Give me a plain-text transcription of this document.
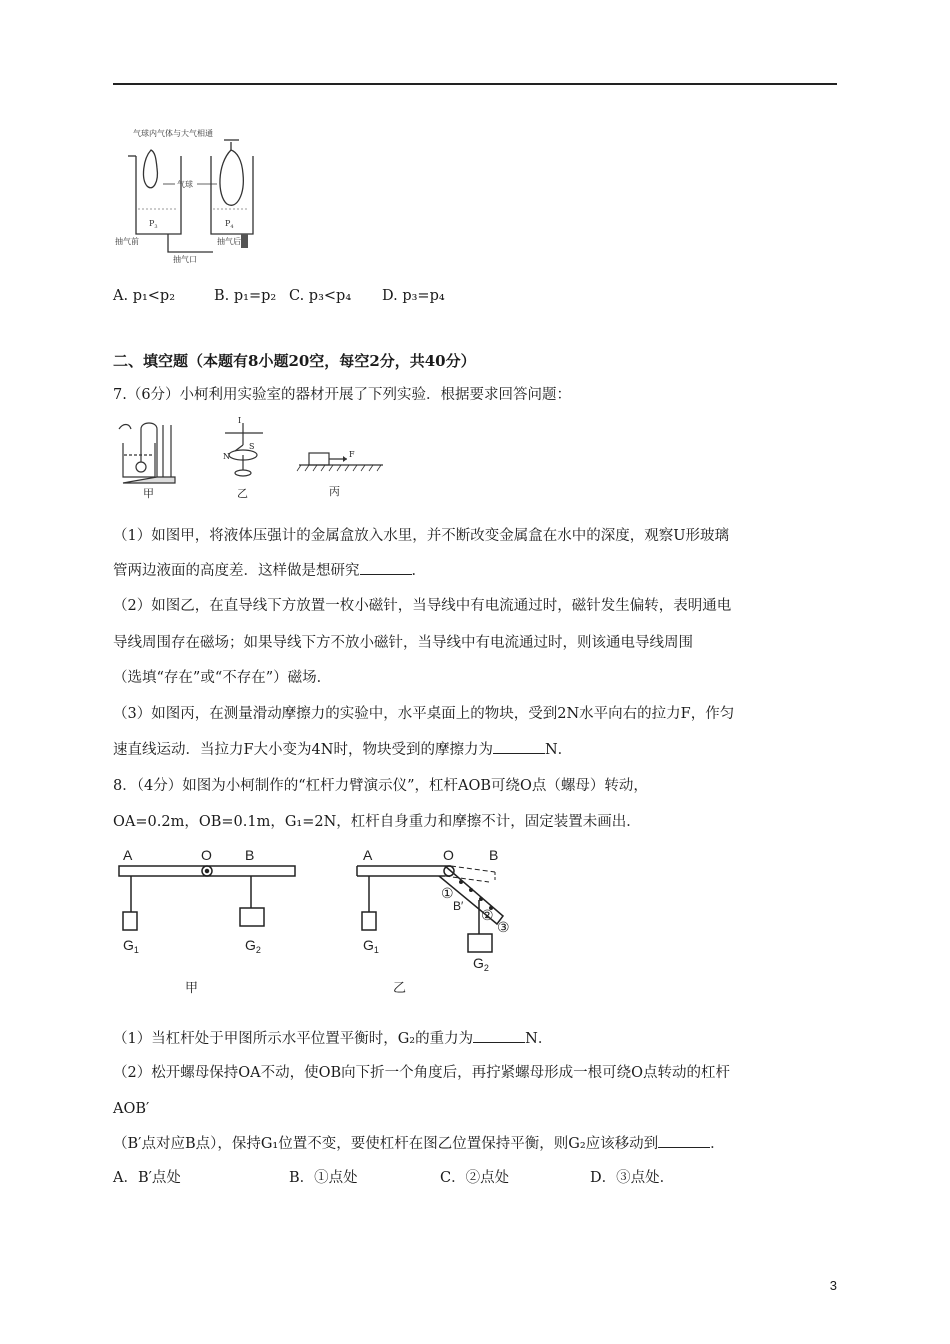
气球内气体与大气相通
气球
$P_3$	$P_4$
抽气前	抽气后
抽气口
A. p₁<p₂	B. p₁=p₂ C. p₃<p₄ D. p₃=p₄
二、填空题（本题有8小题20空，每空2分，共40分）
7.（6分）小柯利用实验室的器材开展了下列实验．根据要求回答问题：
甲	乙	丙
I
S
N	F
（1）如图甲，将液体压强计的金属盒放入水里，并不断改变金属盒在水中的深度，观察U形玻璃
管两边液面的高度差．这样做是想研究	．
（2）如图乙，在直导线下方放置一枚小磁针，当导线中有电流通过时，磁针发生偏转，表明通电
导线周围存在磁场；如果导线下方不放小磁针，当导线中有电流通过时，则该通电导线周围
（选填“存在”或“不存在”）磁场．
（3）如图丙，在测量滑动摩擦力的实验中，水平桌面上的物块，受到2N水平向右的拉力F，作匀
速直线运动．当拉力F大小变为4N时，物块受到的摩擦力为	N．
8．（4分）如图为小柯制作的“杠杆力臂演示仪”，杠杆AOB可绕O点（螺母）转动，
OA=0.2m，OB=0.1m，G₁=2N，杠杆自身重力和摩擦不计，固定装置未画出．
A	O B
$G_1$	$G_2$
A	O	B
$G_1$
$G_2$
B′
①
②
③
甲	乙
（1）当杠杆处于甲图所示水平位置平衡时，G₂的重力为	N．
（2）松开螺母保持OA不动，使OB向下折一个角度后，再拧紧螺母形成一根可绕O点转动的杠杆
AOB′
（B′点对应B点），保持G₁位置不变，要使杠杆在图乙位置保持平衡，则G₂应该移动到	．
A．B′点处	B．①点处	C．②点处	D．③点处．
3
